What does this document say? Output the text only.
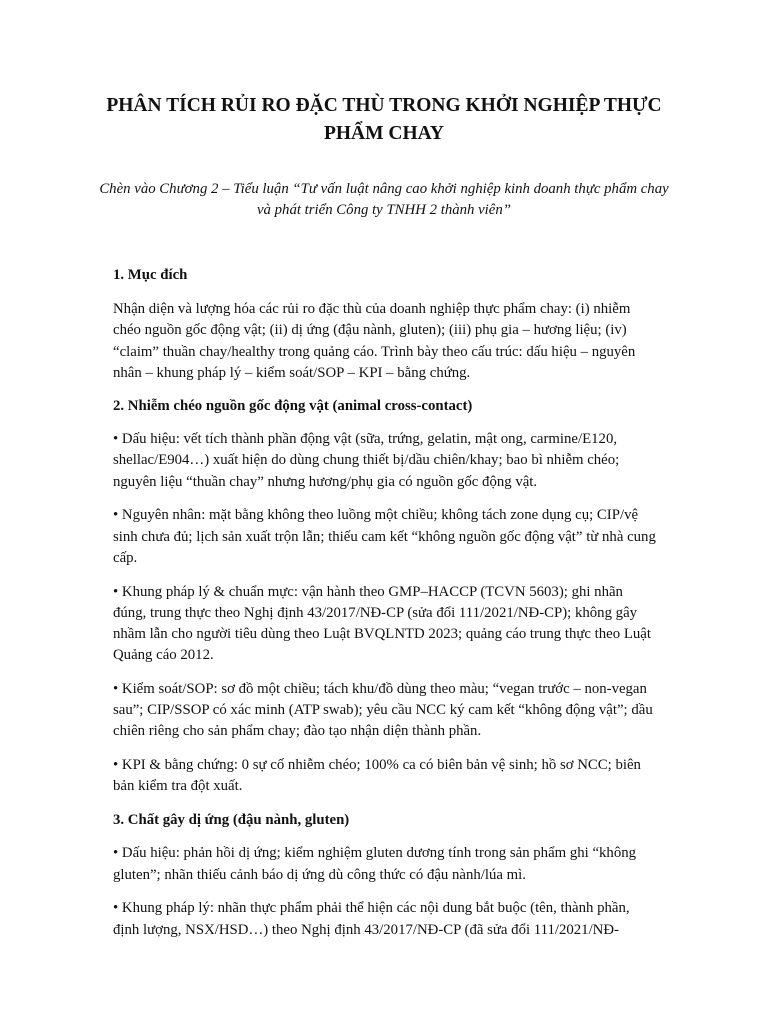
PHÂN TÍCH RỦI RO ĐẶC THÙ TRONG KHỞI NGHIỆP THỰC PHẨM CHAY

Chèn vào Chương 2 – Tiểu luận “Tư vấn luật nâng cao khởi nghiệp kinh doanh thực phẩm chay và phát triển Công ty TNHH 2 thành viên”

1. Mục đích

Nhận diện và lượng hóa các rủi ro đặc thù của doanh nghiệp thực phẩm chay: (i) nhiễm chéo nguồn gốc động vật; (ii) dị ứng (đậu nành, gluten); (iii) phụ gia – hương liệu; (iv) “claim” thuần chay/healthy trong quảng cáo. Trình bày theo cấu trúc: dấu hiệu – nguyên nhân – khung pháp lý – kiểm soát/SOP – KPI – bằng chứng.

2. Nhiễm chéo nguồn gốc động vật (animal cross-contact)

• Dấu hiệu: vết tích thành phần động vật (sữa, trứng, gelatin, mật ong, carmine/E120, shellac/E904…) xuất hiện do dùng chung thiết bị/dầu chiên/khay; bao bì nhiễm chéo; nguyên liệu “thuần chay” nhưng hương/phụ gia có nguồn gốc động vật.

• Nguyên nhân: mặt bằng không theo luồng một chiều; không tách zone dụng cụ; CIP/vệ sinh chưa đủ; lịch sản xuất trộn lẫn; thiếu cam kết “không nguồn gốc động vật” từ nhà cung cấp.

• Khung pháp lý & chuẩn mực: vận hành theo GMP–HACCP (TCVN 5603); ghi nhãn đúng, trung thực theo Nghị định 43/2017/NĐ-CP (sửa đổi 111/2021/NĐ-CP); không gây nhầm lẫn cho người tiêu dùng theo Luật BVQLNTD 2023; quảng cáo trung thực theo Luật Quảng cáo 2012.

• Kiểm soát/SOP: sơ đồ một chiều; tách khu/đồ dùng theo màu; “vegan trước – non-vegan sau”; CIP/SSOP có xác minh (ATP swab); yêu cầu NCC ký cam kết “không động vật”; dầu chiên riêng cho sản phẩm chay; đào tạo nhận diện thành phần.

• KPI & bằng chứng: 0 sự cố nhiễm chéo; 100% ca có biên bản vệ sinh; hồ sơ NCC; biên bản kiểm tra đột xuất.

3. Chất gây dị ứng (đậu nành, gluten)

• Dấu hiệu: phản hồi dị ứng; kiểm nghiệm gluten dương tính trong sản phẩm ghi “không gluten”; nhãn thiếu cảnh báo dị ứng dù công thức có đậu nành/lúa mì.

• Khung pháp lý: nhãn thực phẩm phải thể hiện các nội dung bắt buộc (tên, thành phần, định lượng, NSX/HSD…) theo Nghị định 43/2017/NĐ-CP (đã sửa đổi 111/2021/NĐ-
